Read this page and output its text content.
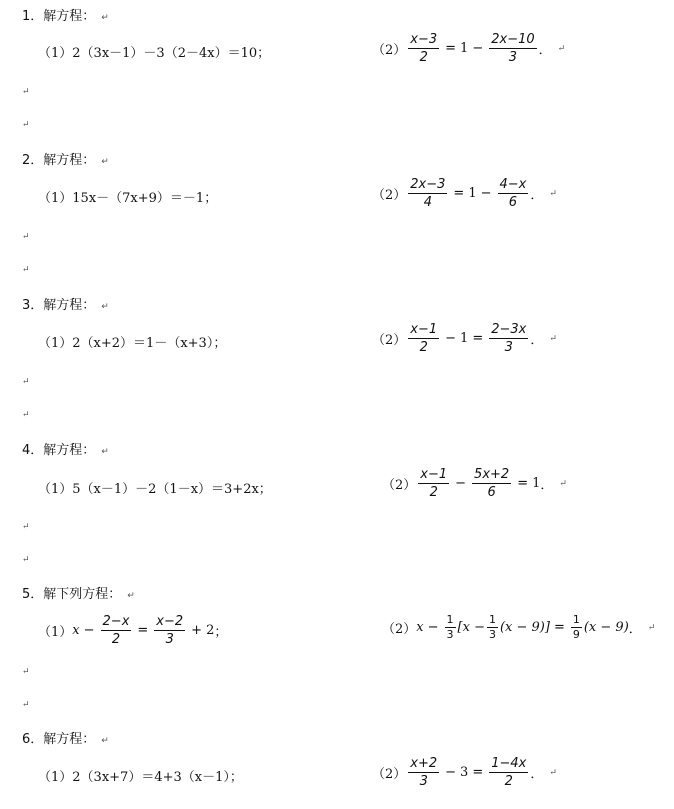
1．解方程： ↵
（1） 2（3x－1）－3（2－4x）＝10；	$(2) \frac{x-3}{2} = 1 - \frac{2x-10}{3}$ ． ↵
↵
↵
2．解方程： ↵
（1） 15x－（7x+9）＝－1；	$(2) \frac{2x-3}{4} = 1 - \frac{4-x}{6}$ ． ↵
↵
↵
3．解方程： ↵
（1） 2（x+2）＝1－（x+3）；	$(2) \frac{x-1}{2} - 1 = \frac{2-3x}{3}$ ． ↵
↵
↵
4．解方程： ↵
（1） 5（x－1）－2（1－x）＝3+2x；	$(2) \frac{x-1}{2} - \frac{5x+2}{6} = 1$ ． ↵
↵
↵
5．解下列方程： ↵
（1） $x - \frac{2-x}{2} = \frac{x-2}{3} + 2$ ；	（2） $x - \frac{1}{3} [x - \frac{1}{3} (x - 9)] = \frac{1}{9} (x - 9)$ ． ↵
↵
↵
6．解方程： ↵
（1） 2（3x+7）＝4+3（x－1）；	$(2) \frac{x+2}{3} - 3 = \frac{1-4x}{2}$ ． ↵
